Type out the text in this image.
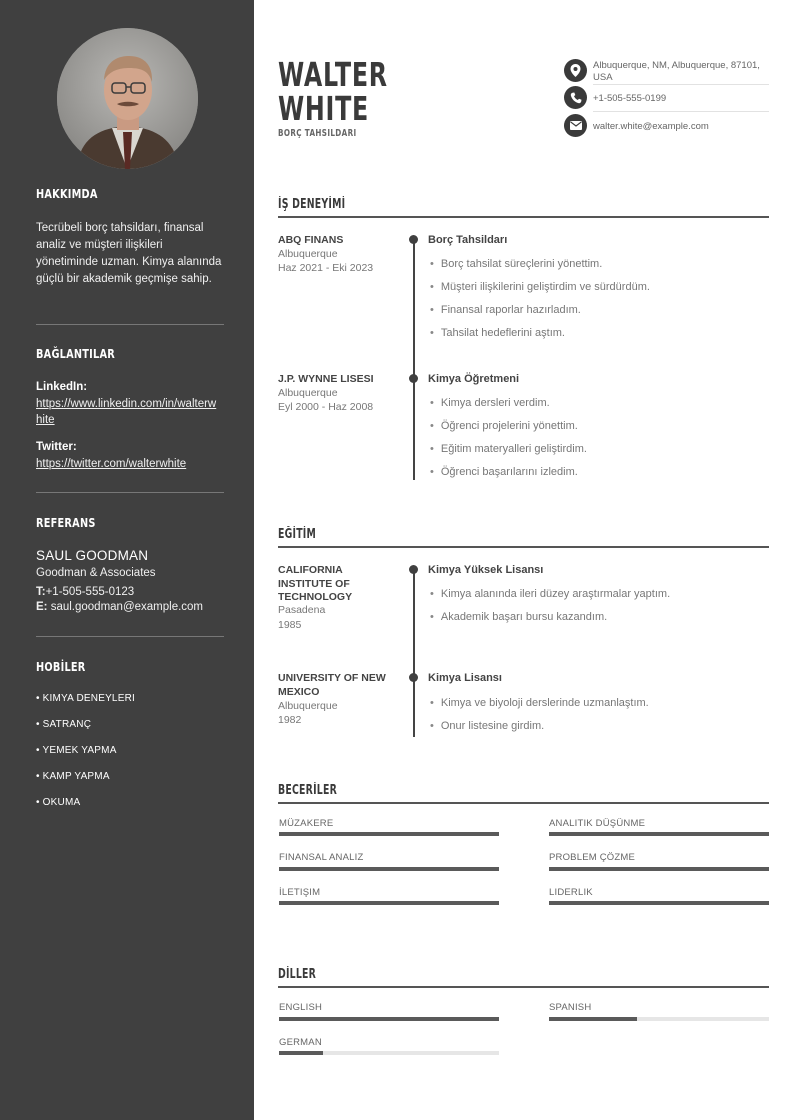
HAKKIMDA
Tecrübeli borç tahsildarı, finansal analiz ve müşteri ilişkileri yönetiminde uzman. Kimya alanında güçlü bir akademik geçmişe sahip.
BAĞLANTILAR
LinkedIn:
https://www.linkedin.com/in/walterwhite
Twitter:
https://twitter.com/walterwhite
REFERANS
SAUL GOODMAN
Goodman & Associates
T:+1-505-555-0123
E: saul.goodman@example.com
HOBİLER
• KIMYA DENEYLERI
• SATRANÇ
• YEMEK YAPMA
• KAMP YAPMA
• OKUMA
WALTER
WHITE
BORÇ TAHSILDARI
Albuquerque, NM, Albuquerque, 87101, USA
+1-505-555-0199
walter.white@example.com
İŞ DENEYİMİ
ABQ FINANS
Albuquerque
Haz 2021 - Eki 2023
Borç Tahsildarı
• Borç tahsilat süreçlerini yönettim.
• Müşteri ilişkilerini geliştirdim ve sürdürdüm.
• Finansal raporlar hazırladım.
• Tahsilat hedeflerini aştım.
J.P. WYNNE LISESI
Albuquerque
Eyl 2000 - Haz 2008
Kimya Öğretmeni
• Kimya dersleri verdim.
• Öğrenci projelerini yönettim.
• Eğitim materyalleri geliştirdim.
• Öğrenci başarılarını izledim.
EĞİTİM
CALIFORNIA INSTITUTE OF TECHNOLOGY
Pasadena
1985
Kimya Yüksek Lisansı
• Kimya alanında ileri düzey araştırmalar yaptım.
• Akademik başarı bursu kazandım.
UNIVERSITY OF NEW MEXICO
Albuquerque
1982
Kimya Lisansı
• Kimya ve biyoloji derslerinde uzmanlaştım.
• Onur listesine girdim.
BECERİLER
MÜZAKERE	ANALITIK DÜŞÜNME
FINANSAL ANALIZ	PROBLEM ÇÖZME
İLETIŞIM	LIDERLIK
DİLLER
ENGLISH	SPANISH
GERMAN
